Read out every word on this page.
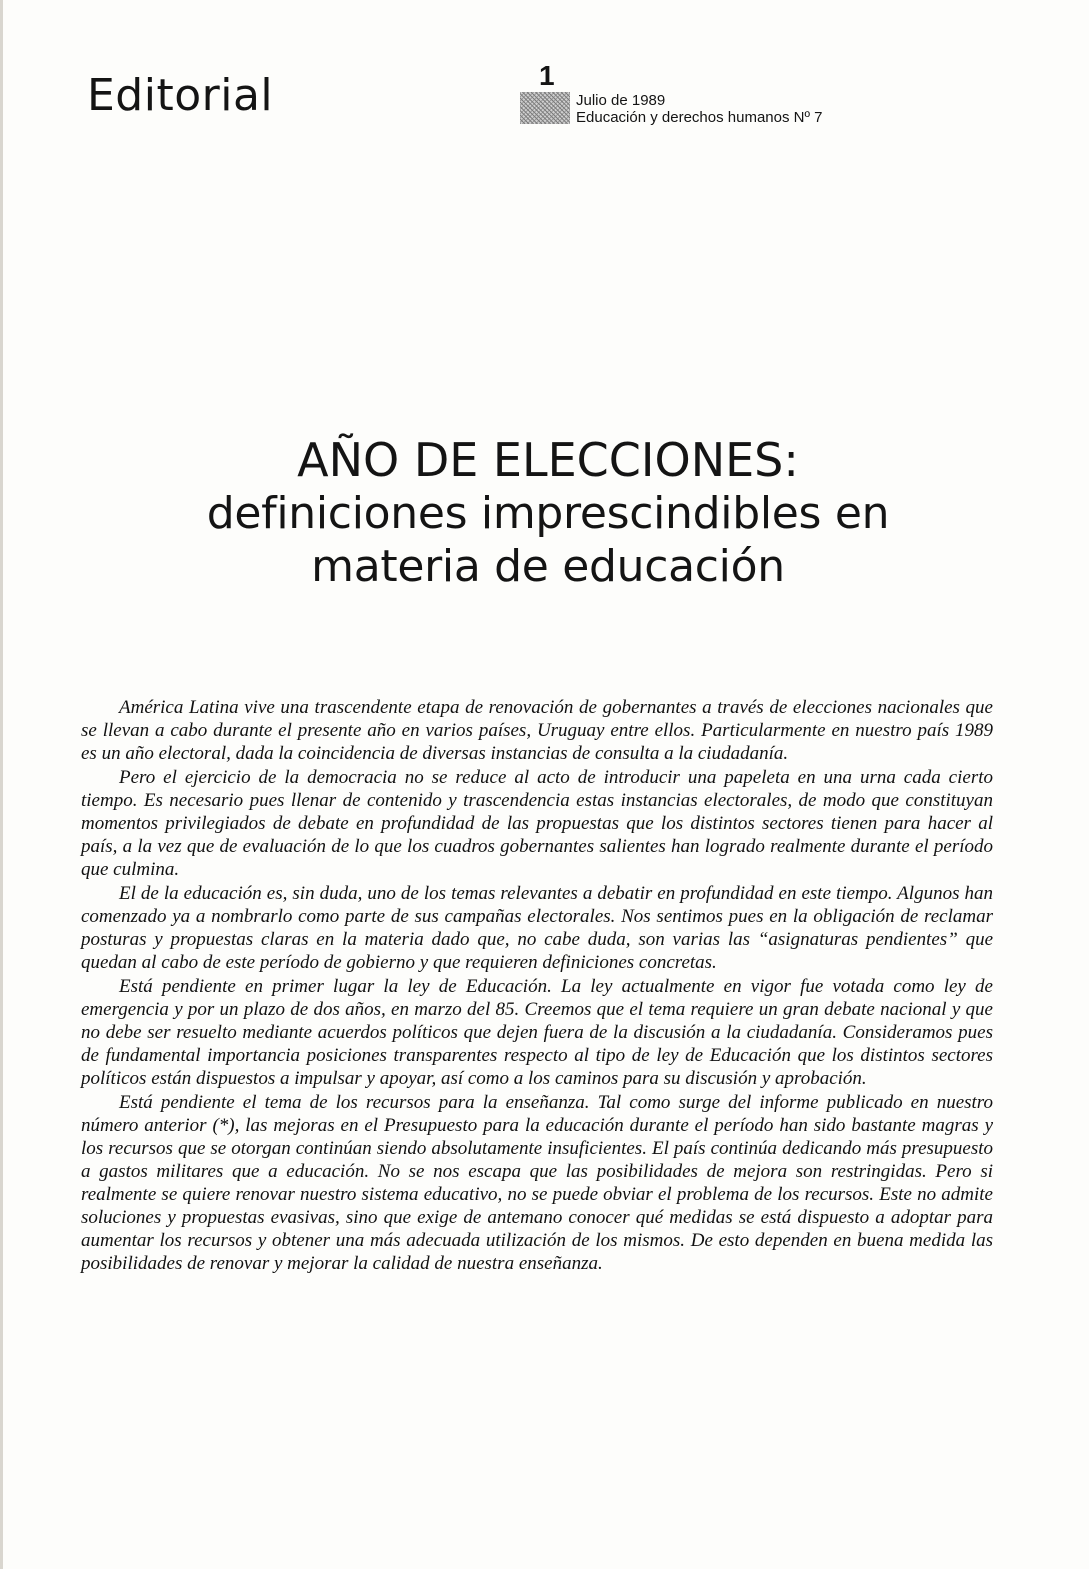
Editorial	1
Julio de 1989
Educación y derechos humanos Nº 7
AÑO DE ELECCIONES:
definiciones imprescindibles en
materia de educación

América Latina vive una trascendente etapa de renovación de gobernantes a través de elecciones nacionales que se llevan a cabo durante el presente año en varios países, Uruguay entre ellos. Particularmente en nuestro país 1989 es un año electoral, dada la coincidencia de diversas instancias de consulta a la ciudadanía.

Pero el ejercicio de la democracia no se reduce al acto de introducir una papeleta en una urna cada cierto tiempo. Es necesario pues llenar de contenido y trascendencia estas instancias electorales, de modo que constituyan momentos privilegiados de debate en profundidad de las propuestas que los distintos sectores tienen para hacer al país, a la vez que de evaluación de lo que los cuadros gobernantes salientes han logrado realmente durante el período que culmina.

El de la educación es, sin duda, uno de los temas relevantes a debatir en profundidad en este tiempo. Algunos han comenzado ya a nombrarlo como parte de sus campañas electorales. Nos sentimos pues en la obligación de reclamar posturas y propuestas claras en la materia dado que, no cabe duda, son varias las “asignaturas pendientes” que quedan al cabo de este período de gobierno y que requieren definiciones concretas.

Está pendiente en primer lugar la ley de Educación. La ley actualmente en vigor fue votada como ley de emergencia y por un plazo de dos años, en marzo del 85. Creemos que el tema requiere un gran debate nacional y que no debe ser resuelto mediante acuerdos políticos que dejen fuera de la discusión a la ciudadanía. Consideramos pues de fundamental importancia posiciones transparentes respecto al tipo de ley de Educación que los distintos sectores políticos están dispuestos a impulsar y apoyar, así como a los caminos para su discusión y aprobación.

Está pendiente el tema de los recursos para la enseñanza. Tal como surge del informe publicado en nuestro número anterior (*), las mejoras en el Presupuesto para la educación durante el período han sido bastante magras y los recursos que se otorgan continúan siendo absolutamente insuficientes. El país continúa dedicando más presupuesto a gastos militares que a educación. No se nos escapa que las posibilidades de mejora son restringidas. Pero si realmente se quiere renovar nuestro sistema educativo, no se puede obviar el problema de los recursos. Este no admite soluciones y propuestas evasivas, sino que exige de antemano conocer qué medidas se está dispuesto a adoptar para aumentar los recursos y obtener una más adecuada utilización de los mismos. De esto dependen en buena medida las posibilidades de renovar y mejorar la calidad de nuestra enseñanza.
